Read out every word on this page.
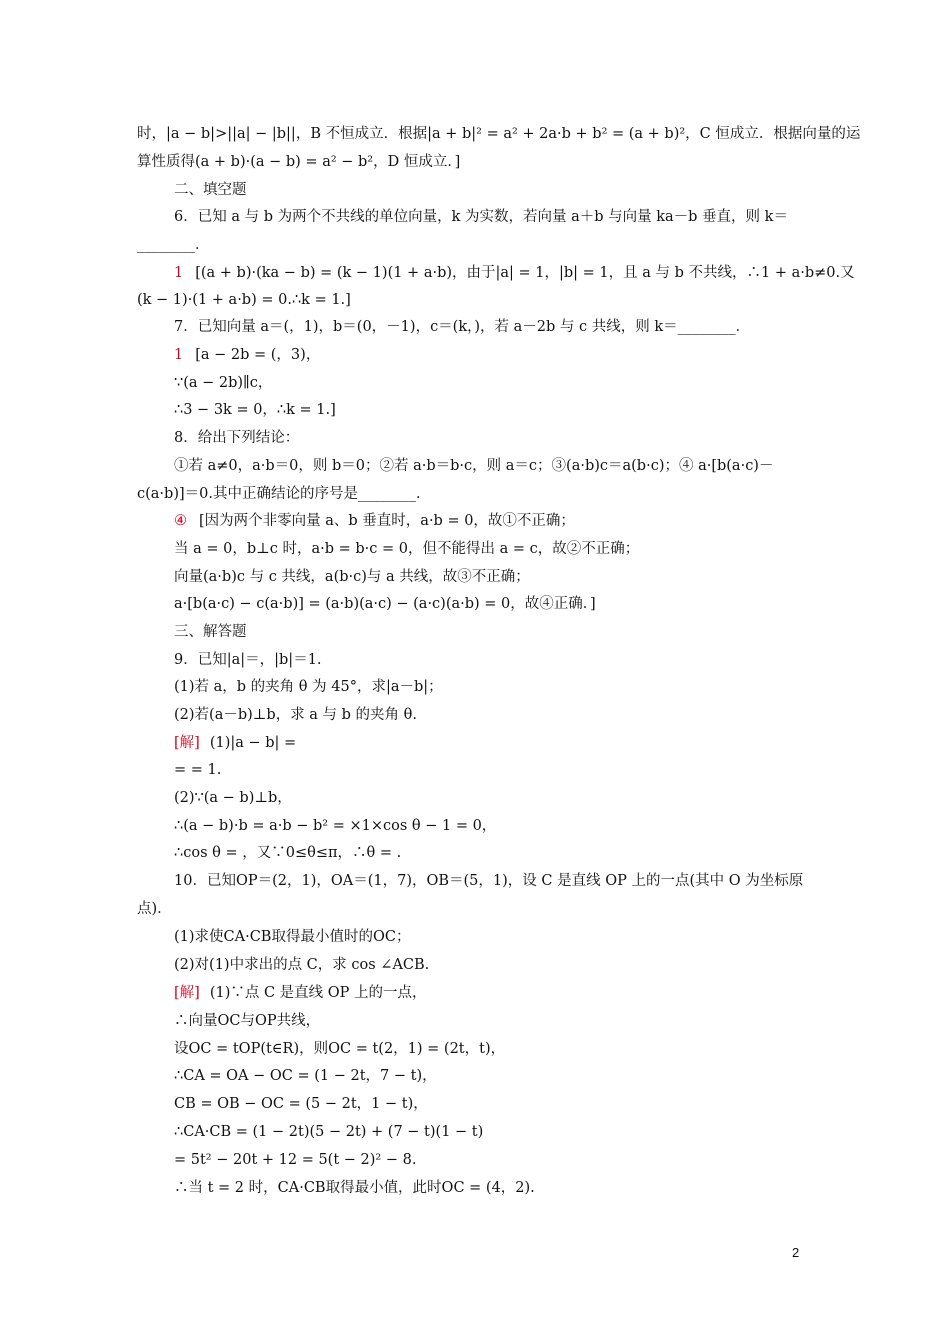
时，|a − b|>||a| − |b||，B 不恒成立．根据|a + b|² = a² + 2a·b + b² = (a + b)²，C 恒成立．根据向量的运
算性质得(a + b)·(a − b) = a² − b²，D 恒成立．]
二、填空题
6．已知 a 与 b 为两个不共线的单位向量，k 为实数，若向量 a＋b 与向量 ka－b 垂直，则 k＝
________．
1 [(a + b)·(ka − b) = (k − 1)(1 + a·b)，由于|a| = 1，|b| = 1，且 a 与 b 不共线，∴1 + a·b≠0.又
(k − 1)·(1 + a·b) = 0.∴k = 1.]
7．已知向量 a＝(，1)，b＝(0，－1)，c＝(k，)，若 a－2b 与 c 共线，则 k＝________．
1 [a − 2b = (，3)，
∵(a − 2b)∥c，
∴3 − 3k = 0，∴k = 1.]
8．给出下列结论：
①若 a≠0，a·b＝0，则 b＝0；②若 a·b＝b·c，则 a＝c；③(a·b)c＝a(b·c)；④ a·[b(a·c)－
c(a·b)]＝0.其中正确结论的序号是________．
④ [因为两个非零向量 a、b 垂直时，a·b = 0，故①不正确；
当 a = 0，b⊥c 时，a·b = b·c = 0，但不能得出 a = c，故②不正确；
向量(a·b)c 与 c 共线，a(b·c)与 a 共线，故③不正确；
a·[b(a·c) − c(a·b)] = (a·b)(a·c) − (a·c)(a·b) = 0，故④正确．]
三、解答题
9．已知|a|＝，|b|＝1.
(1)若 a，b 的夹角 θ 为 45°，求|a－b|；
(2)若(a－b)⊥b，求 a 与 b 的夹角 θ.
[解] (1)|a − b| =
= = 1.
(2)∵(a − b)⊥b，
∴(a − b)·b = a·b − b² = ×1×cos θ − 1 = 0，
∴cos θ = ，又∵0≤θ≤π，∴θ = .
10．已知OP＝(2，1)，OA＝(1，7)，OB＝(5，1)，设 C 是直线 OP 上的一点(其中 O 为坐标原
点)．
(1)求使CA·CB取得最小值时的OC；
(2)对(1)中求出的点 C，求 cos ∠ACB.
[解] (1)∵点 C 是直线 OP 上的一点，
∴向量OC与OP共线，
设OC = tOP(t∈R)，则OC = t(2，1) = (2t，t)，
∴CA = OA − OC = (1 − 2t，7 − t)，
CB = OB − OC = (5 − 2t，1 − t)，
∴CA·CB = (1 − 2t)(5 − 2t) + (7 − t)(1 − t)
= 5t² − 20t + 12 = 5(t − 2)² − 8.
∴当 t = 2 时，CA·CB取得最小值，此时OC = (4，2).
2
